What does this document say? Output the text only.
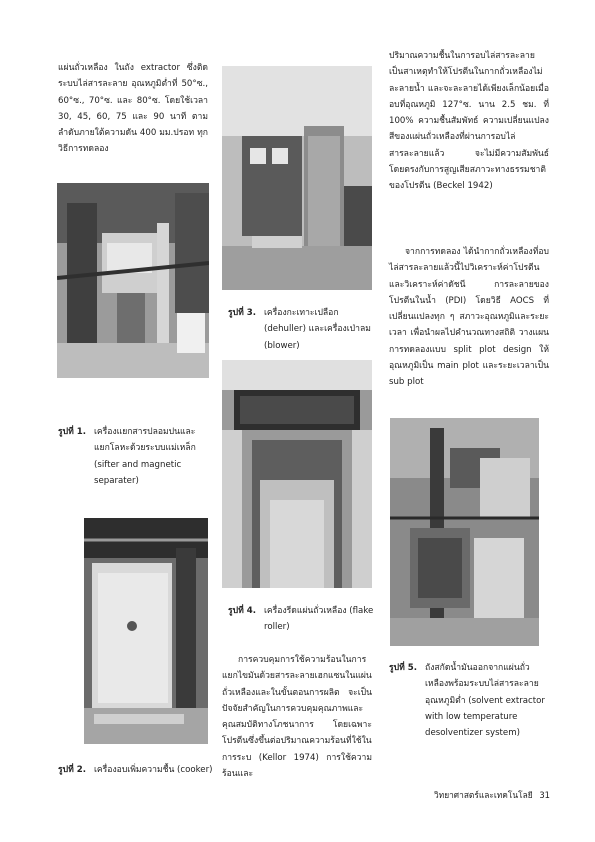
แผ่นถั่วเหลือง ในถัง extractor ซึ่งติดระบบไล่สารละลาย อุณหภูมิต่ำที่ 50°ซ., 60°ซ., 70°ซ. และ 80°ซ. โดยใช้เวลา 30, 45, 60, 75 และ 90 นาที ตามลำดับภายใต้ความดัน 400 มม.ปรอท ทุกวิธีการทดลอง

รูปที่ 1. เครื่องแยกสารปลอมปนและแยกโลหะด้วยระบบแม่เหล็ก (sifter and magnetic separater)
รูปที่ 2. เครื่องอบเพิ่มความชื้น (cooker)
รูปที่ 3. เครื่องกะเทาะเปลือก (dehuller) และเครื่องเป่าลม (blower)
รูปที่ 4. เครื่องรีดแผ่นถั่วเหลือง (flake roller)

การควบคุมการใช้ความร้อนในการแยกไขมันด้วยสารละลายเฮกแซนในแผ่นถั่วเหลืองและในขั้นตอนการผลิต จะเป็นปัจจัยสำคัญในการควบคุมคุณภาพและคุณสมบัติทางโภชนาการ โดยเฉพาะโปรตีนซึ่งขึ้นต่อปริมาณความร้อนที่ใช้ในการระบ (Kellor 1974) การใช้ความร้อนและ

ปริมาณความชื้นในการอบไล่สารละลายเป็นสาเหตุทำให้โปรตีนในกากถั่วเหลืองไม่ละลายน้ำ และจะละลายได้เพียงเล็กน้อยเมื่ออบที่อุณหภูมิ 127°ซ. นาน 2.5 ชม. ที่ 100% ความชื้นสัมพัทธ์ ความเปลี่ยนแปลงสีของแผ่นถั่วเหลืองที่ผ่านการอบไล่สารละลายแล้ว จะไม่มีความสัมพันธ์โดยตรงกับการสูญเสียสภาวะทางธรรมชาติของโปรตีน (Beckel 1942)

จากการทดลอง ได้นำกากถั่วเหลืองที่อบไล่สารละลายแล้วนี้ไปวิเคราะห์ค่าโปรตีน และวิเคราะห์ค่าดัชนี การละลายของโปรตีนในน้ำ (PDI) โดยวิธี AOCS ที่เปลี่ยนแปลงทุก ๆ สภาวะอุณหภูมิและระยะเวลา เพื่อนำผลไปคำนวณทางสถิติ วางแผนการทดลองแบบ split plot design ให้อุณหภูมิเป็น main plot และระยะเวลาเป็น sub plot

รูปที่ 5. ถังสกัดน้ำมันออกจากแผ่นถั่วเหลืองพร้อมระบบไล่สารละลายอุณหภูมิต่ำ (solvent extractor with low temperature desolventizer system)
วิทยาศาสตร์และเทคโนโลยี 31
